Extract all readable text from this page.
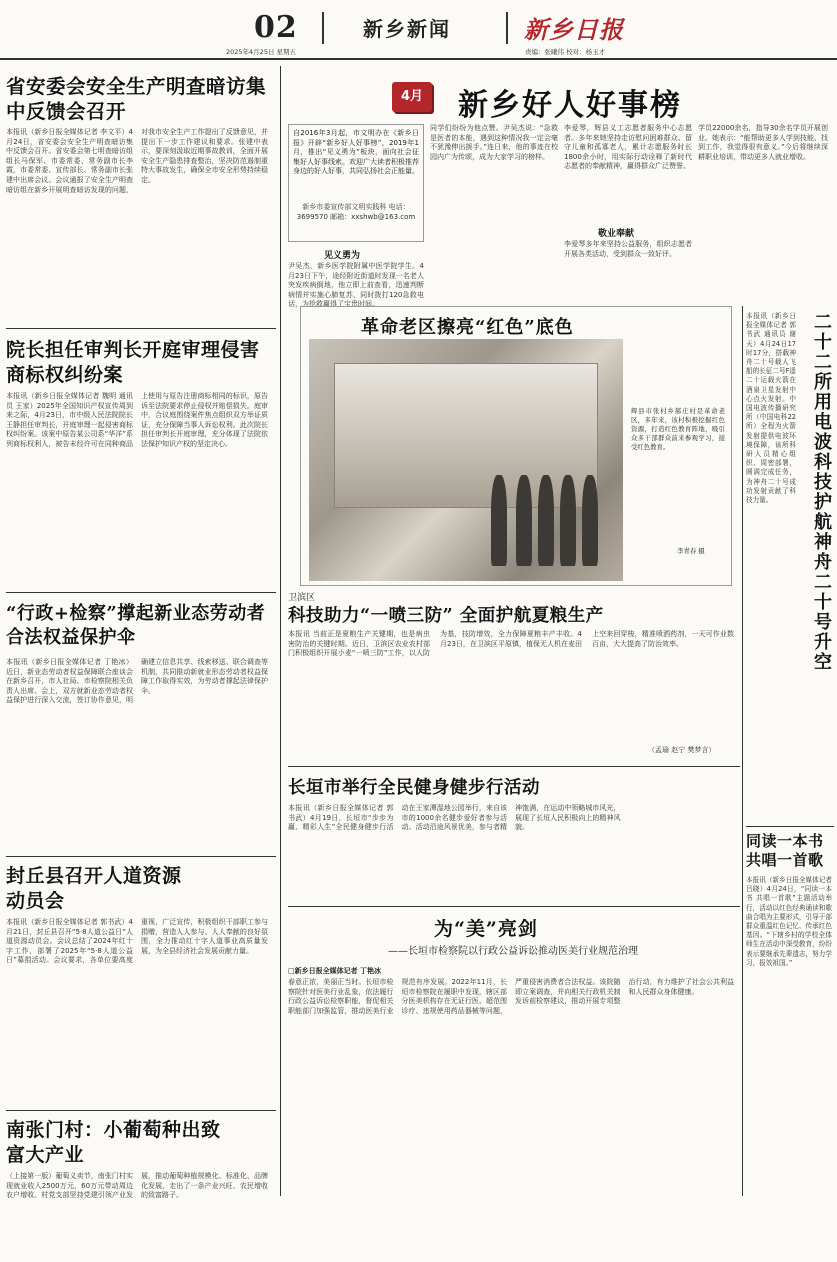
02	新乡新闻	新乡日报
2025年4月25日 星期五	责编：张曦伟 校对：杨玉才
省安委会安全生产明查暗访集中反馈会召开
本报讯（新乡日报全媒体记者 李文平）4月24日，省安委会安全生产明查暗访集中反馈会召开。省安委会第七明查暗访组组长马保军、市委常委、常务副市长李霞，市委常委、宣传部长、常务副市长张建中出席会议。会议通报了安全生产明查暗访组在新乡开展明查暗访发现的问题，对我市安全生产工作提出了反馈意见，并提出下一步工作建议和要求。张建中表示，要深刻汲取近期事故教训，全面开展安全生产隐患排查整治，坚决防范遏制重特大事故发生，确保全市安全形势持续稳定。
院长担任审判长开庭审理侵害商标权纠纷案
本报讯（新乡日报全媒体记者 魏明 通讯员 王家）2025年全国知识产权宣传周到来之际，4月23日，市中级人民法院院长王静担任审判长，开庭审理一起侵害商标权纠纷案。该案中原告某公司系“华洋”系列商标权利人，被告未经许可在同种商品上使用与原告注册商标相同的标识，原告诉至法院要求停止侵权并赔偿损失。庭审中，合议庭围绕案件焦点组织双方举证质证，充分保障当事人诉讼权利。此次院长担任审判长开庭审理，充分体现了法院依法保护知识产权的坚定决心。
“行政+检察”撑起新业态劳动者合法权益保护伞
本报讯（新乡日报全媒体记者 丁艳冰）近日，新业态劳动者权益保障联合座谈会在新乡召开，市人社局、市检察院相关负责人出席。会上，双方就新业态劳动者权益保护进行深入交流，签订协作意见，明确建立信息共享、线索移送、联合调查等机制，共同推动新就业形态劳动者权益保障工作取得实效，为劳动者撑起法律保护伞。
封丘县召开人道资源动员会
本报讯（新乡日报全媒体记者 郭书武）4月21日，封丘县召开“5·8人道公益日”人道资源动员会。会议总结了2024年红十字工作，部署了2025年“5·8人道公益日”募捐活动。会议要求，各单位要高度重视，广泛宣传，积极组织干部职工参与捐赠，营造人人参与、人人奉献的良好氛围，全力推动红十字人道事业高质量发展，为全县经济社会发展贡献力量。
南张门村：小葡萄种出致富大产业
（上接第一版）葡萄义卖节，南张门村实现就业收入2500万元，60万元带动周边农户增收。村党支部坚持党建引领产业发展，推动葡萄种植规模化、标准化、品牌化发展，走出了一条产业兴旺、农民增收的致富路子。
4月 新乡好人好事榜
自2016年3月起，市文明办在《新乡日报》开辟“新乡好人好事榜”，2019年1月，推出“见义勇为”板块，面向社会征集好人好事线索。欢迎广大读者积极推荐身边的好人好事，共同弘扬社会正能量。
新乡市委宣传部文明实践科 电话：3699570 邮箱：xxshwb@163.com
见义勇为
尹吴杰，新乡医学院附属中医学院学生。4月23日下午，途经附近街道时发现一名老人突发疾病倒地，他立即上前查看，迅速判断病情并实施心肺复苏，同时拨打120急救电话，为抢救赢得了宝贵时间。
同学们纷纷为他点赞。尹吴杰说：“急救是医者的本能，遇到这种情况我一定会毫不犹豫伸出援手。”连日来，他的事迹在校园内广为传颂，成为大家学习的榜样。
李爱琴，辉县义工志愿者服务中心志愿者。多年来她坚持走访慰问困难群众、留守儿童和孤寡老人，累计志愿服务时长1800余小时，用实际行动诠释了新时代志愿者的奉献精神，赢得群众广泛赞誉。
敬业奉献
李爱琴多年来坚持公益服务，组织志愿者开展各类活动，受到群众一致好评。
学员22000余名，指导30余名学员开展创业。她表示：“能帮助更多人学到技能、找到工作，我觉得很有意义。”今后将继续深耕职业培训，带动更多人就业增收。
革命老区擦亮“红色”底色
辉县市张村乡郝庄村是革命老区，多年来，该村积极挖掘红色资源，打造红色教育阵地，吸引众多干部群众前来参观学习，接受红色教育。
李青春 摄
卫滨区
科技助力“一喷三防” 全面护航夏粮生产
本报讯 当前正是夏粮生产关键期，也是病虫害防治的关键时期。近日，卫滨区农业农村部门积极组织开展小麦“一喷三防”工作，以人防为基，技防增效，全力保障夏粮丰产丰收。4月23日，在卫滨区平原镇，植保无人机在麦田上空来回穿梭，精准喷洒药剂，一天可作业数百亩，大大提高了防治效率。
（孟瑜 赵宁 樊梦言）
长垣市举行全民健身健步行活动
本报讯（新乡日报全媒体记者 郭书武）4月19日，长垣市“步步为赢、精彩人生”全民健身健步行活动在王家潭湿地公园举行，来自该市的1000余名健步爱好者参与活动。活动沿途风景优美，参与者精神饱满，在运动中领略城市风光，展现了长垣人民积极向上的精神风貌。
为“美”亮剑
——长垣市检察院以行政公益诉讼推动医美行业规范治理
□新乡日报全媒体记者 丁艳冰
春意正浓，美丽正当时。长垣市检察院针对医美行业乱象，依法履行行政公益诉讼检察职能，督促相关职能部门加强监管，推动医美行业规范有序发展。2022年11月，长垣市检察院在履职中发现，辖区部分医美机构存在无证行医、超范围诊疗、违规使用药品器械等问题，严重侵害消费者合法权益。该院随即立案调查，并向相关行政机关制发诉前检察建议，推动开展专项整治行动，有力维护了社会公共利益和人民群众身体健康。
本报讯（新乡日报全媒体记者 郭书武 通讯员 谢天）4月24日17时17分，搭载神舟二十号载人飞船的长征二号F遥二十运载火箭在酒泉卫星发射中心点火发射。中国电波传播研究所（中国电科22所）全程为火箭发射提供电波环境保障，该所科研人员精心组织、周密部署，圆满完成任务，为神舟二十号成功发射贡献了科技力量。	二十二所用电波科技护航神舟二十号升空
同读一本书共唱一首歌
本报讯（新乡日报全媒体记者 吕晓）4月24日，“同读一本书 共唱一首歌”主题活动举行，活动以红色经典诵读和歌曲合唱为主要形式，引导干部群众重温红色记忆、传承红色基因。“下辖乡村的学校全体师生在活动中深受教育，纷纷表示要继承先辈遗志，努力学习，报效祖国。”
